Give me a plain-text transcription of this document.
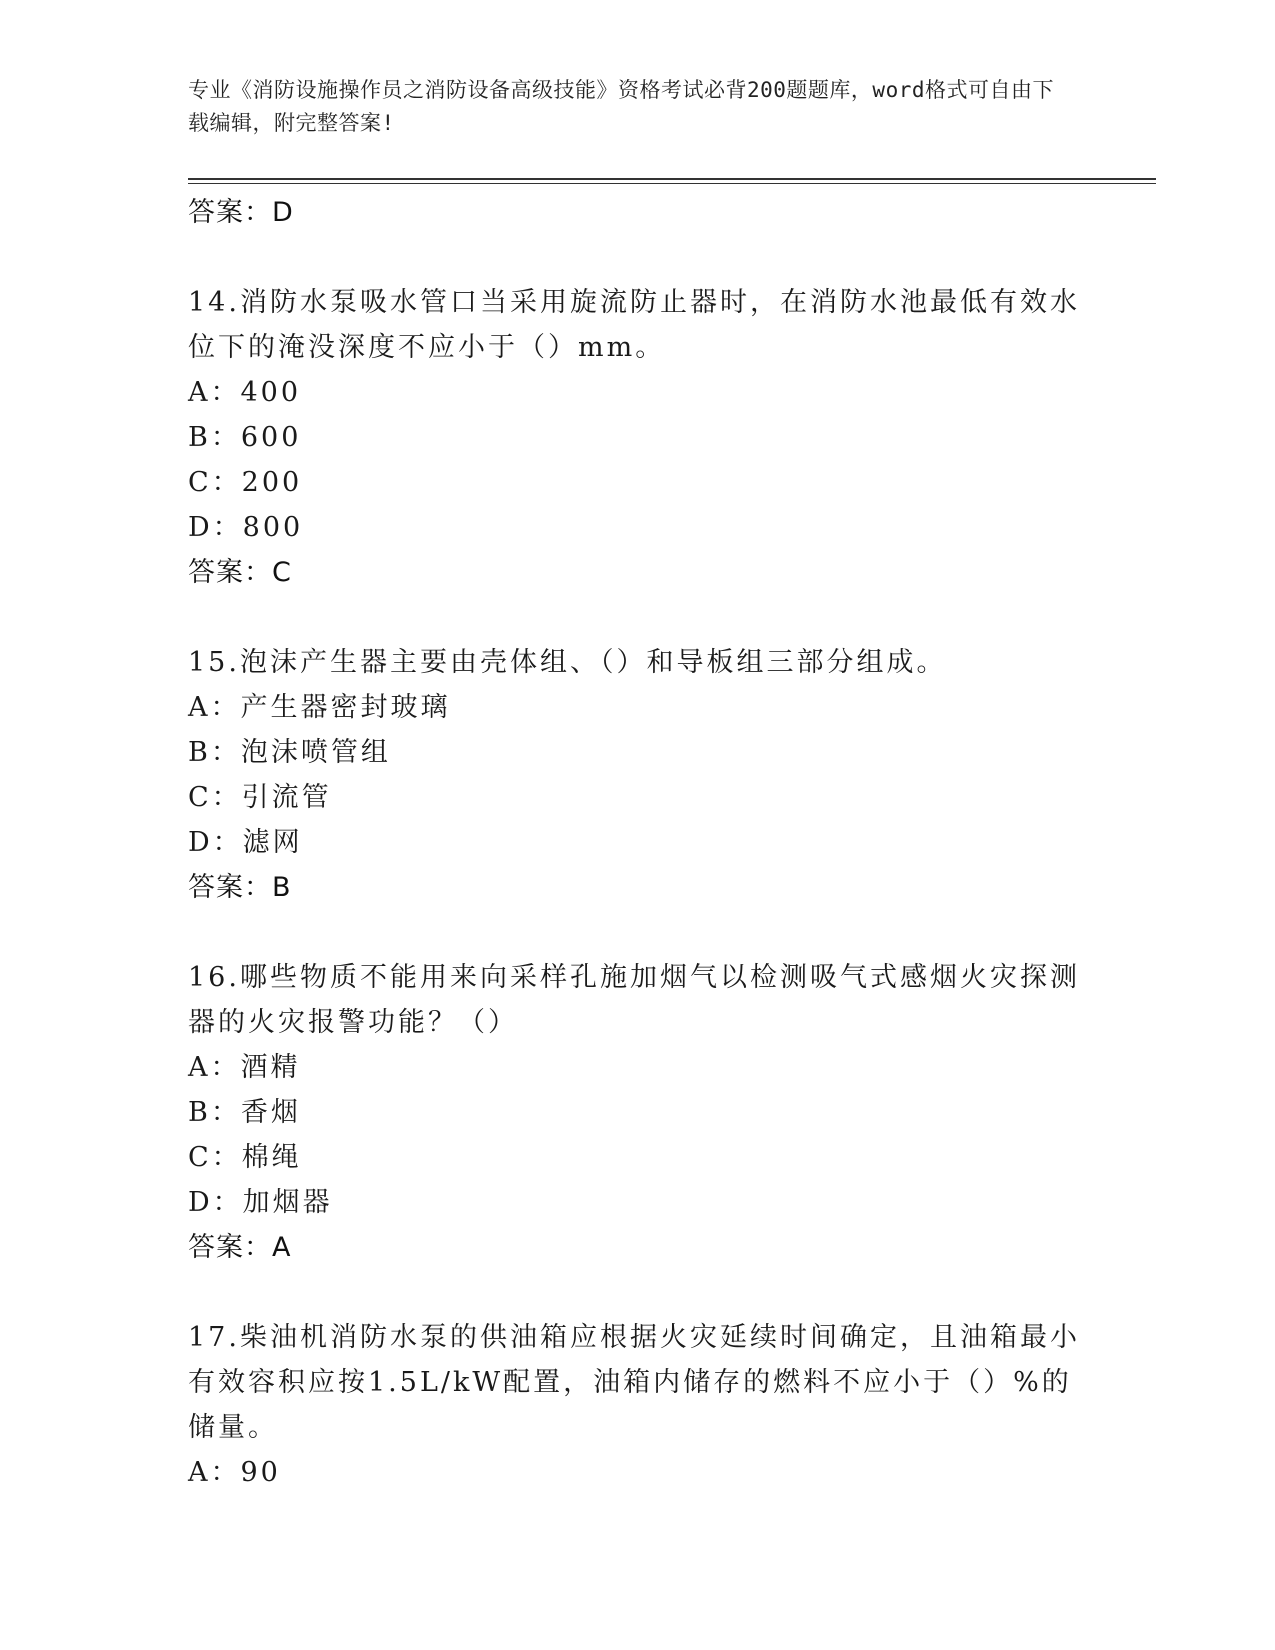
专业《消防设施操作员之消防设备高级技能》资格考试必背200题题库，word格式可自由下载编辑，附完整答案!
答案：D
14.消防水泵吸水管口当采用旋流防止器时，在消防水池最低有效水位下的淹没深度不应小于（）mm。
A：400
B：600
C：200
D：800
答案：C
15.泡沫产生器主要由壳体组、（）和导板组三部分组成。
A：产生器密封玻璃
B：泡沫喷管组
C：引流管
D：滤网
答案：B
16.哪些物质不能用来向采样孔施加烟气以检测吸气式感烟火灾探测器的火灾报警功能？（）
A：酒精
B：香烟
C：棉绳
D：加烟器
答案：A
17.柴油机消防水泵的供油箱应根据火灾延续时间确定，且油箱最小有效容积应按1.5L/kW配置，油箱内储存的燃料不应小于（）%的储量。
A：90
